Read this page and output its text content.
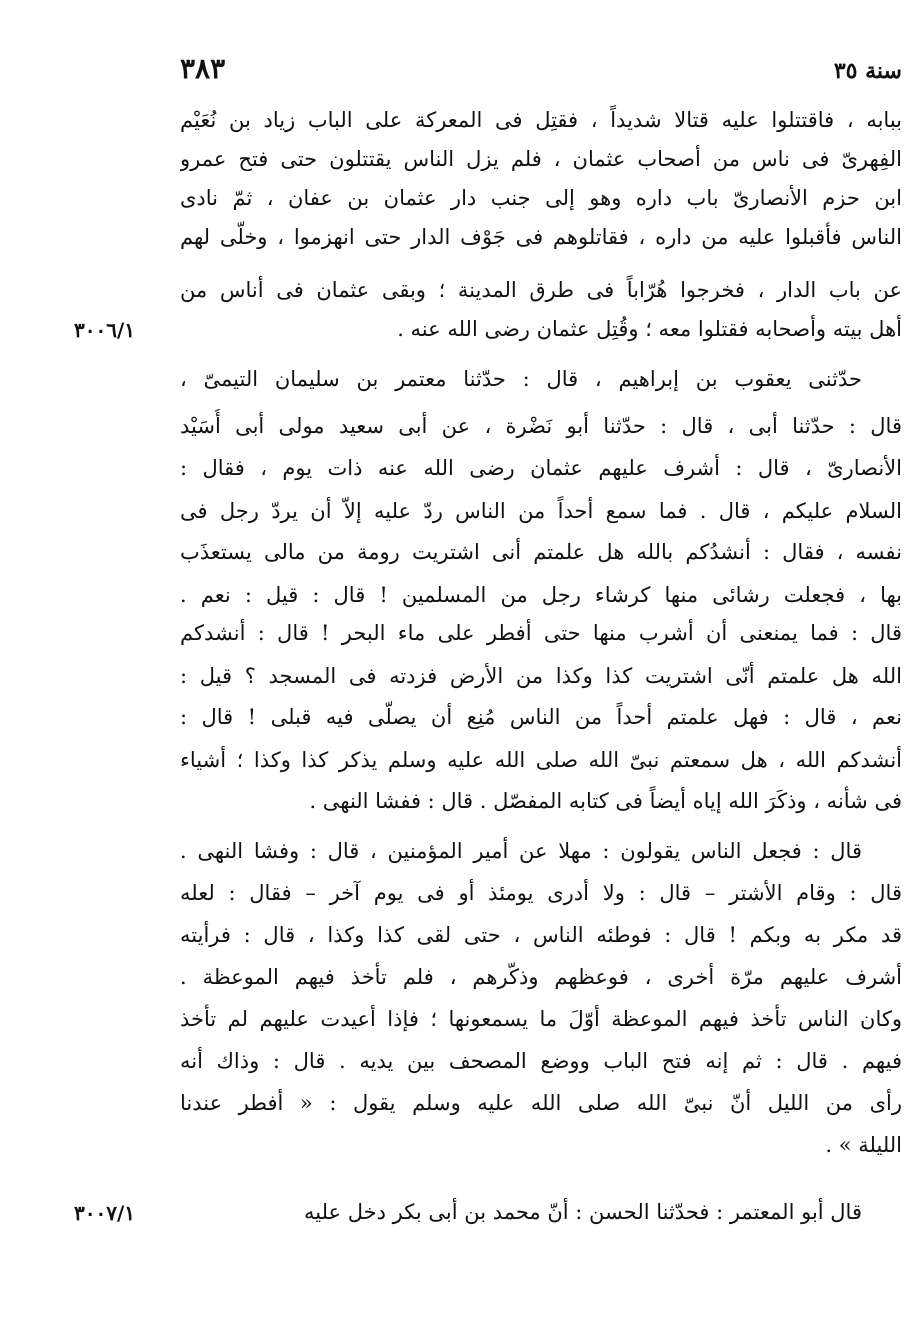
سنة ٣٥
٣٨٣
ببابه ، فاقتتلوا عليه قتالا شديداً ، فقتِل فى المعركة على الباب زياد بن نُعَيْم
الفِهرىّ فى ناس من أصحاب عثمان ، فلم يزل الناس يقتتلون حتى فتح عمرو
ابن حزم الأنصارىّ باب داره وهو إلى جنب دار عثمان بن عفان ، ثمّ نادى
الناس فأقبلوا عليه من داره ، فقاتلوهم فى جَوْف الدار حتى انهزموا ، وخلّى لهم
عن باب الدار ، فخرجوا هُرّاباً فى طرق المدينة ؛ وبقى عثمان فى أناس من
أهل بيته وأصحابه فقتلوا معه ؛ وقُتِل عثمان رضى الله عنه .
٣٠٠٦/١
حدّثنى يعقوب بن إبراهيم ، قال : حدّثنا معتمر بن سليمان التيمىّ ،
قال : حدّثنا أبى ، قال : حدّثنا أبو نَضْرة ، عن أبى سعيد مولى أبى أُسَيْد
الأنصارىّ ، قال : أشرف عليهم عثمان رضى الله عنه ذات يوم ، فقال :
السلام عليكم ، قال . فما سمع أحداً من الناس ردّ عليه إلاّ أن يردّ رجل فى
نفسه ، فقال : أنشدُكم بالله هل علمتم أنى اشتريت رومة من مالى يستعذَب
بها ، فجعلت رشائى منها كرشاء رجل من المسلمين ! قال : قيل : نعم .
قال : فما يمنعنى أن أشرب منها حتى أفطر على ماء البحر ! قال : أنشدكم
الله هل علمتم أنّى اشتريت كذا وكذا من الأرض فزدته فى المسجد ؟ قيل :
نعم ، قال : فهل علمتم أحداً من الناس مُنِع أن يصلّى فيه قبلى ! قال :
أنشدكم الله ، هل سمعتم نبىّ الله صلى الله عليه وسلم يذكر كذا وكذا ؛ أشياء
فى شأنه ، وذكَرَ الله إياه أيضاً فى كتابه المفصّل . قال : ففشا النهى .
قال : فجعل الناس يقولون : مهلا عن أمير المؤمنين ، قال : وفشا النهى .
قال : وقام الأشتر – قال : ولا أدرى يومئذ أو فى يوم آخر – فقال : لعله
قد مكر به وبكم ! قال : فوطئه الناس ، حتى لقى كذا وكذا ، قال : فرأيته
أشرف عليهم مرّة أخرى ، فوعظهم وذكّرهم ، فلم تأخذ فيهم الموعظة .
وكان الناس تأخذ فيهم الموعظة أوّلَ ما يسمعونها ؛ فإذا أعيدت عليهم لم تأخذ
فيهم . قال : ثم إنه فتح الباب ووضع المصحف بين يديه . قال : وذاك أنه
رأى من الليل أنّ نبىّ الله صلى الله عليه وسلم يقول : « أفطر عندنا
الليلة » .
قال أبو المعتمر : فحدّثنا الحسن : أنّ محمد بن أبى بكر دخل عليه
٣٠٠٧/١
